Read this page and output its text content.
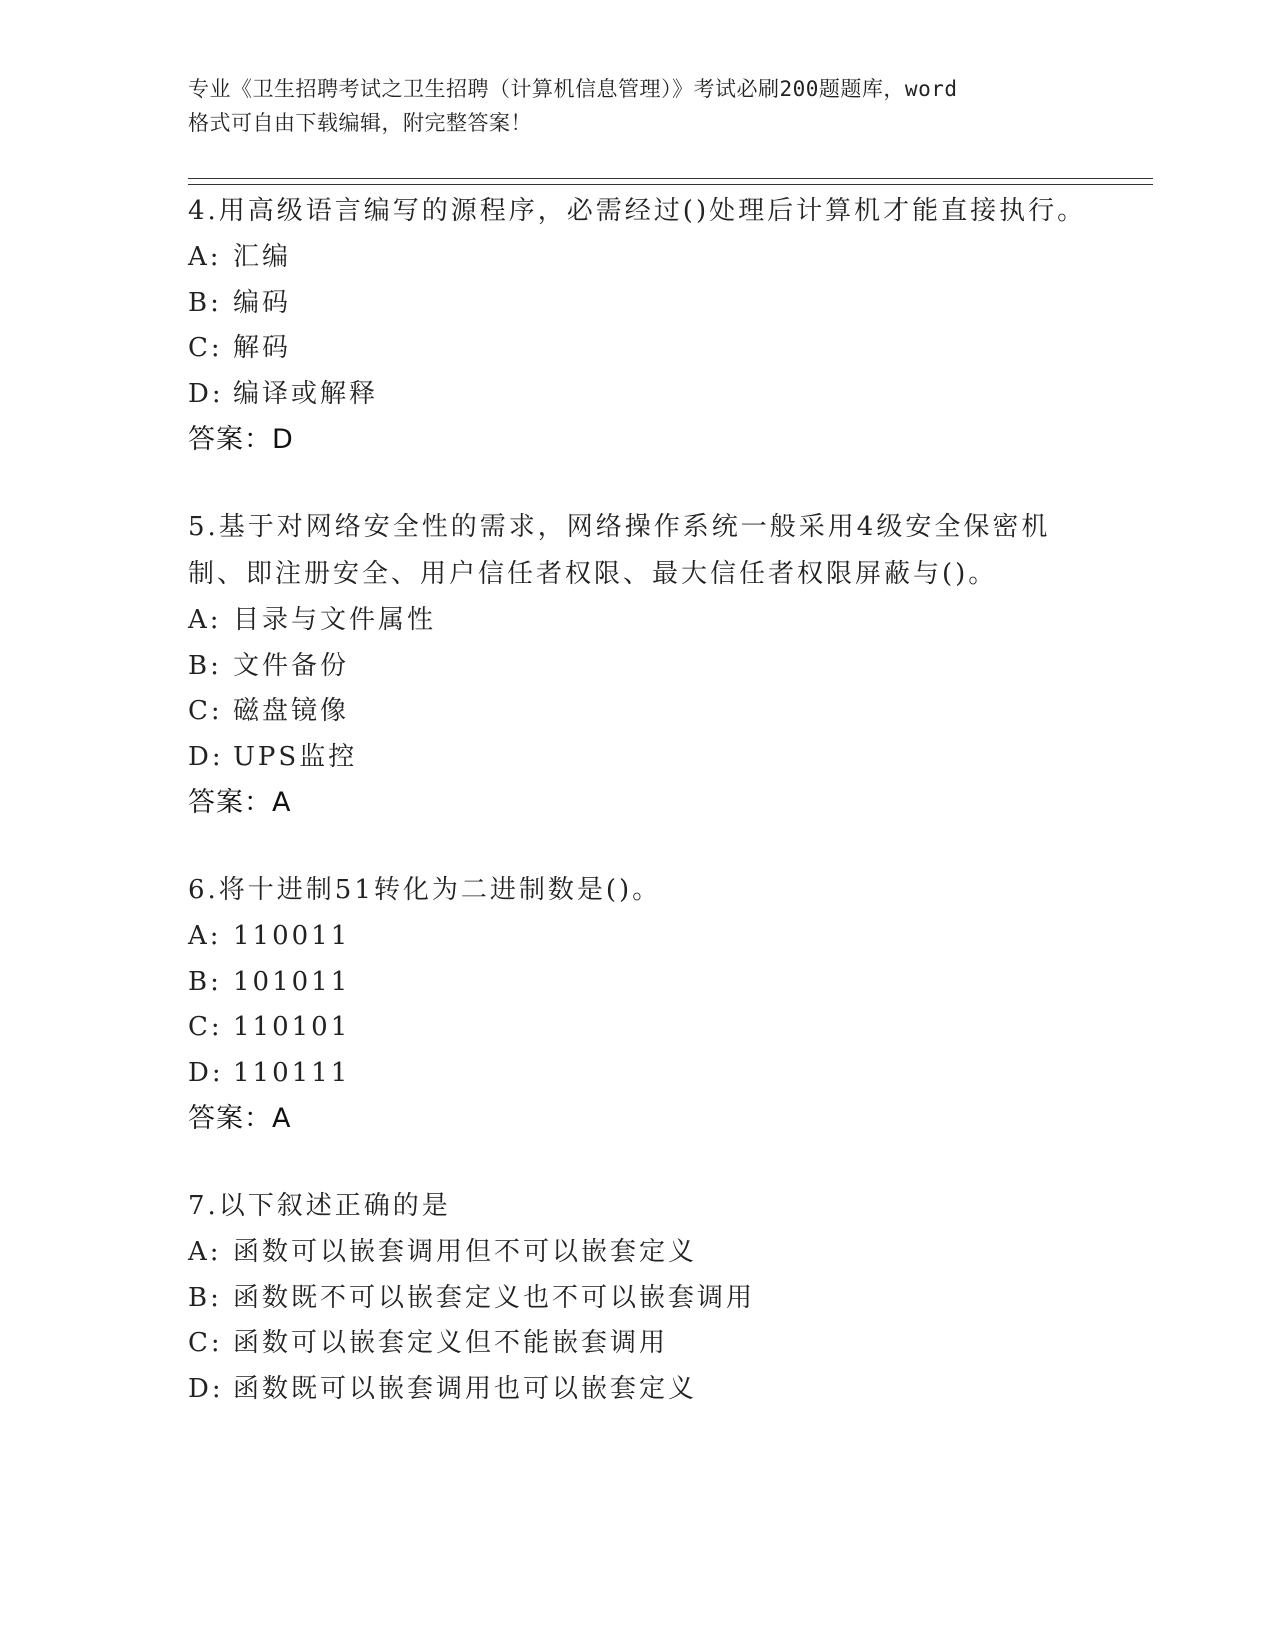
专业《卫生招聘考试之卫生招聘（计算机信息管理）》考试必刷200题题库，word
格式可自由下载编辑，附完整答案！
4.用高级语言编写的源程序，必需经过()处理后计算机才能直接执行。
A: 汇编
B: 编码
C: 解码
D: 编译或解释
答案：D
5.基于对网络安全性的需求，网络操作系统一般采用4级安全保密机制、即注册安全、用户信任者权限、最大信任者权限屏蔽与()。
A: 目录与文件属性
B: 文件备份
C: 磁盘镜像
D: UPS监控
答案：A
6.将十进制51转化为二进制数是()。
A: 110011
B: 101011
C: 110101
D: 110111
答案：A
7.以下叙述正确的是
A: 函数可以嵌套调用但不可以嵌套定义
B: 函数既不可以嵌套定义也不可以嵌套调用
C: 函数可以嵌套定义但不能嵌套调用
D: 函数既可以嵌套调用也可以嵌套定义
